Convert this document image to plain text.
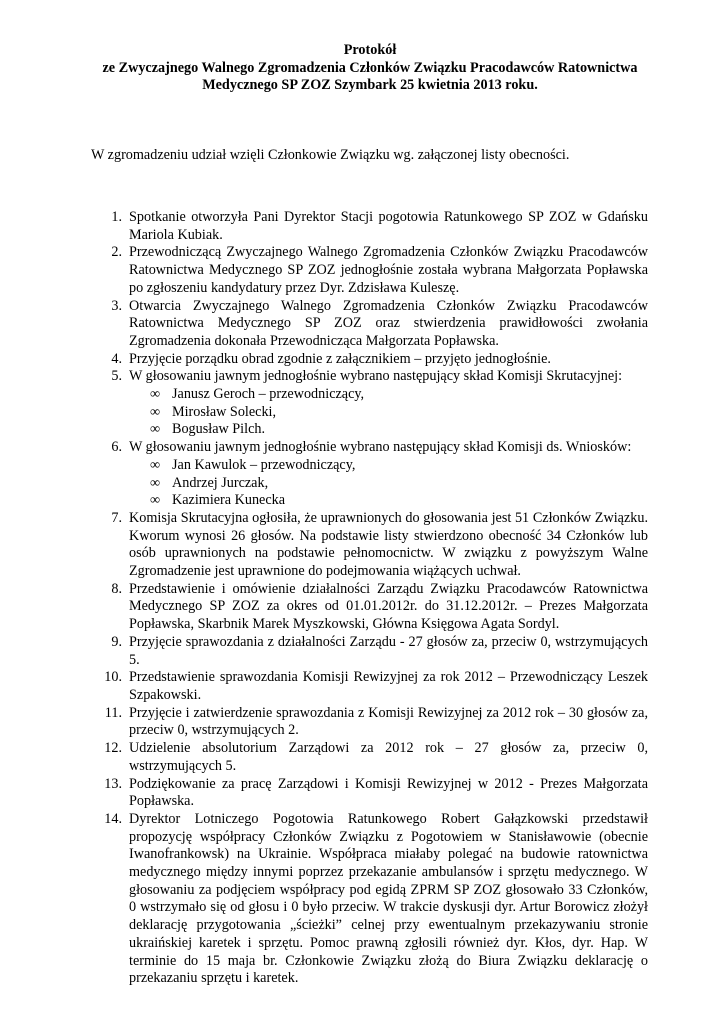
Protokół
ze Zwyczajnego Walnego Zgromadzenia Członków Związku Pracodawców Ratownictwa
Medycznego SP ZOZ Szymbark 25 kwietnia 2013 roku.
W zgromadzeniu udział wzięli Członkowie Związku wg. załączonej listy obecności.
1. Spotkanie otworzyła Pani Dyrektor Stacji pogotowia Ratunkowego SP ZOZ w Gdańsku Mariola Kubiak.
2. Przewodniczącą Zwyczajnego Walnego Zgromadzenia Członków Związku Pracodawców Ratownictwa Medycznego SP ZOZ jednogłośnie została wybrana Małgorzata Popławska po zgłoszeniu kandydatury przez Dyr. Zdzisława Kuleszę.
3. Otwarcia Zwyczajnego Walnego Zgromadzenia Członków Związku Pracodawców Ratownictwa Medycznego SP ZOZ oraz stwierdzenia prawidłowości zwołania Zgromadzenia dokonała Przewodnicząca Małgorzata Popławska.
4. Przyjęcie porządku obrad zgodnie z załącznikiem – przyjęto jednogłośnie.
5. W głosowaniu jawnym jednogłośnie wybrano następujący skład Komisji Skrutacyjnej:
∞ Janusz Geroch – przewodniczący,
∞ Mirosław Solecki,
∞ Bogusław Pilch.
6. W głosowaniu jawnym jednogłośnie wybrano następujący skład Komisji ds. Wniosków:
∞ Jan Kawulok – przewodniczący,
∞ Andrzej Jurczak,
∞ Kazimiera Kunecka
7. Komisja Skrutacyjna ogłosiła, że uprawnionych do głosowania jest 51 Członków Związku. Kworum wynosi 26 głosów. Na podstawie listy stwierdzono obecność 34 Członków lub osób uprawnionych na podstawie pełnomocnictw. W związku z powyższym Walne Zgromadzenie jest uprawnione do podejmowania wiążących uchwał.
8. Przedstawienie i omówienie działalności Zarządu Związku Pracodawców Ratownictwa Medycznego SP ZOZ za okres od 01.01.2012r. do 31.12.2012r. – Prezes Małgorzata Popławska, Skarbnik Marek Myszkowski, Główna Księgowa Agata Sordyl.
9. Przyjęcie sprawozdania z działalności Zarządu - 27 głosów za, przeciw 0, wstrzymujących 5.
10. Przedstawienie sprawozdania Komisji Rewizyjnej za rok 2012 – Przewodniczący Leszek Szpakowski.
11. Przyjęcie i zatwierdzenie sprawozdania z Komisji Rewizyjnej za 2012 rok – 30 głosów za, przeciw 0, wstrzymujących 2.
12. Udzielenie absolutorium Zarządowi za 2012 rok – 27 głosów za, przeciw 0, wstrzymujących 5.
13. Podziękowanie za pracę Zarządowi i Komisji Rewizyjnej w 2012 - Prezes Małgorzata Popławska.
14. Dyrektor Lotniczego Pogotowia Ratunkowego Robert Gałązkowski przedstawił propozycję współpracy Członków Związku z Pogotowiem w Stanisławowie (obecnie Iwanofrankowsk) na Ukrainie. Współpraca miałaby polegać na budowie ratownictwa medycznego między innymi poprzez przekazanie ambulansów i sprzętu medycznego. W głosowaniu za podjęciem współpracy pod egidą ZPRM SP ZOZ głosowało 33 Członków, 0 wstrzymało się od głosu i 0 było przeciw. W trakcie dyskusji dyr. Artur Borowicz złożył deklarację przygotowania „ścieżki” celnej przy ewentualnym przekazywaniu stronie ukraińskiej karetek i sprzętu. Pomoc prawną zgłosili również dyr. Kłos, dyr. Hap. W terminie do 15 maja br. Członkowie Związku złożą do Biura Związku deklarację o przekazaniu sprzętu i karetek.
